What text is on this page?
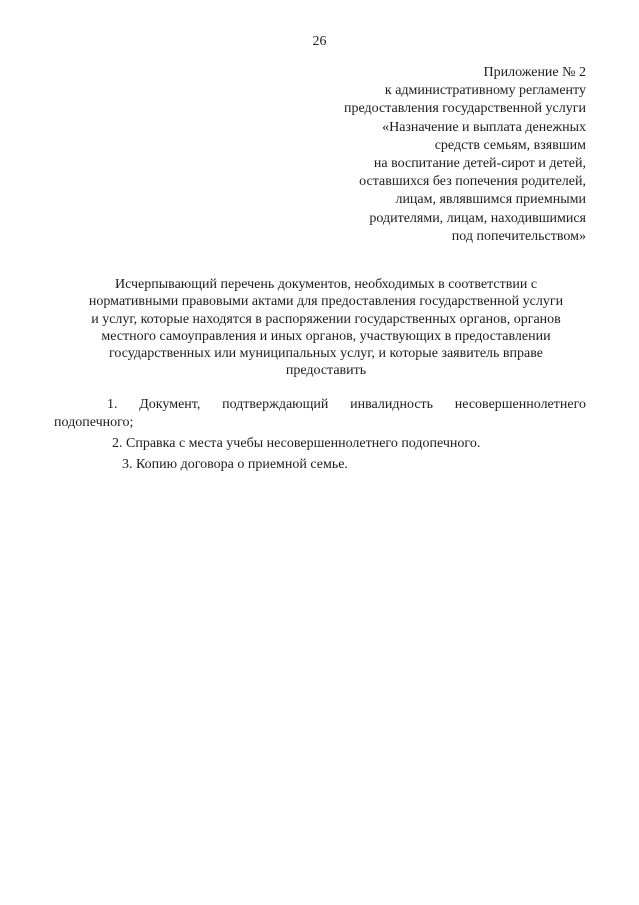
26
Приложение № 2
к административному регламенту
предоставления государственной услуги
«Назначение и выплата денежных
средств семьям, взявшим
на воспитание детей-сирот и детей,
оставшихся без попечения родителей,
лицам, являвшимся приемными
родителями, лицам, находившимися
под попечительством»
Исчерпывающий перечень документов, необходимых в соответствии с
нормативными правовыми актами для предоставления государственной услуги
и услуг, которые находятся в распоряжении государственных органов, органов
местного самоуправления и иных органов, участвующих в предоставлении
государственных или муниципальных услуг, и которые заявитель вправе
предоставить
1. Документ, подтверждающий инвалидность несовершеннолетнего
подопечного;
2. Справка с места учебы несовершеннолетнего подопечного.
3. Копию договора о приемной семье.
